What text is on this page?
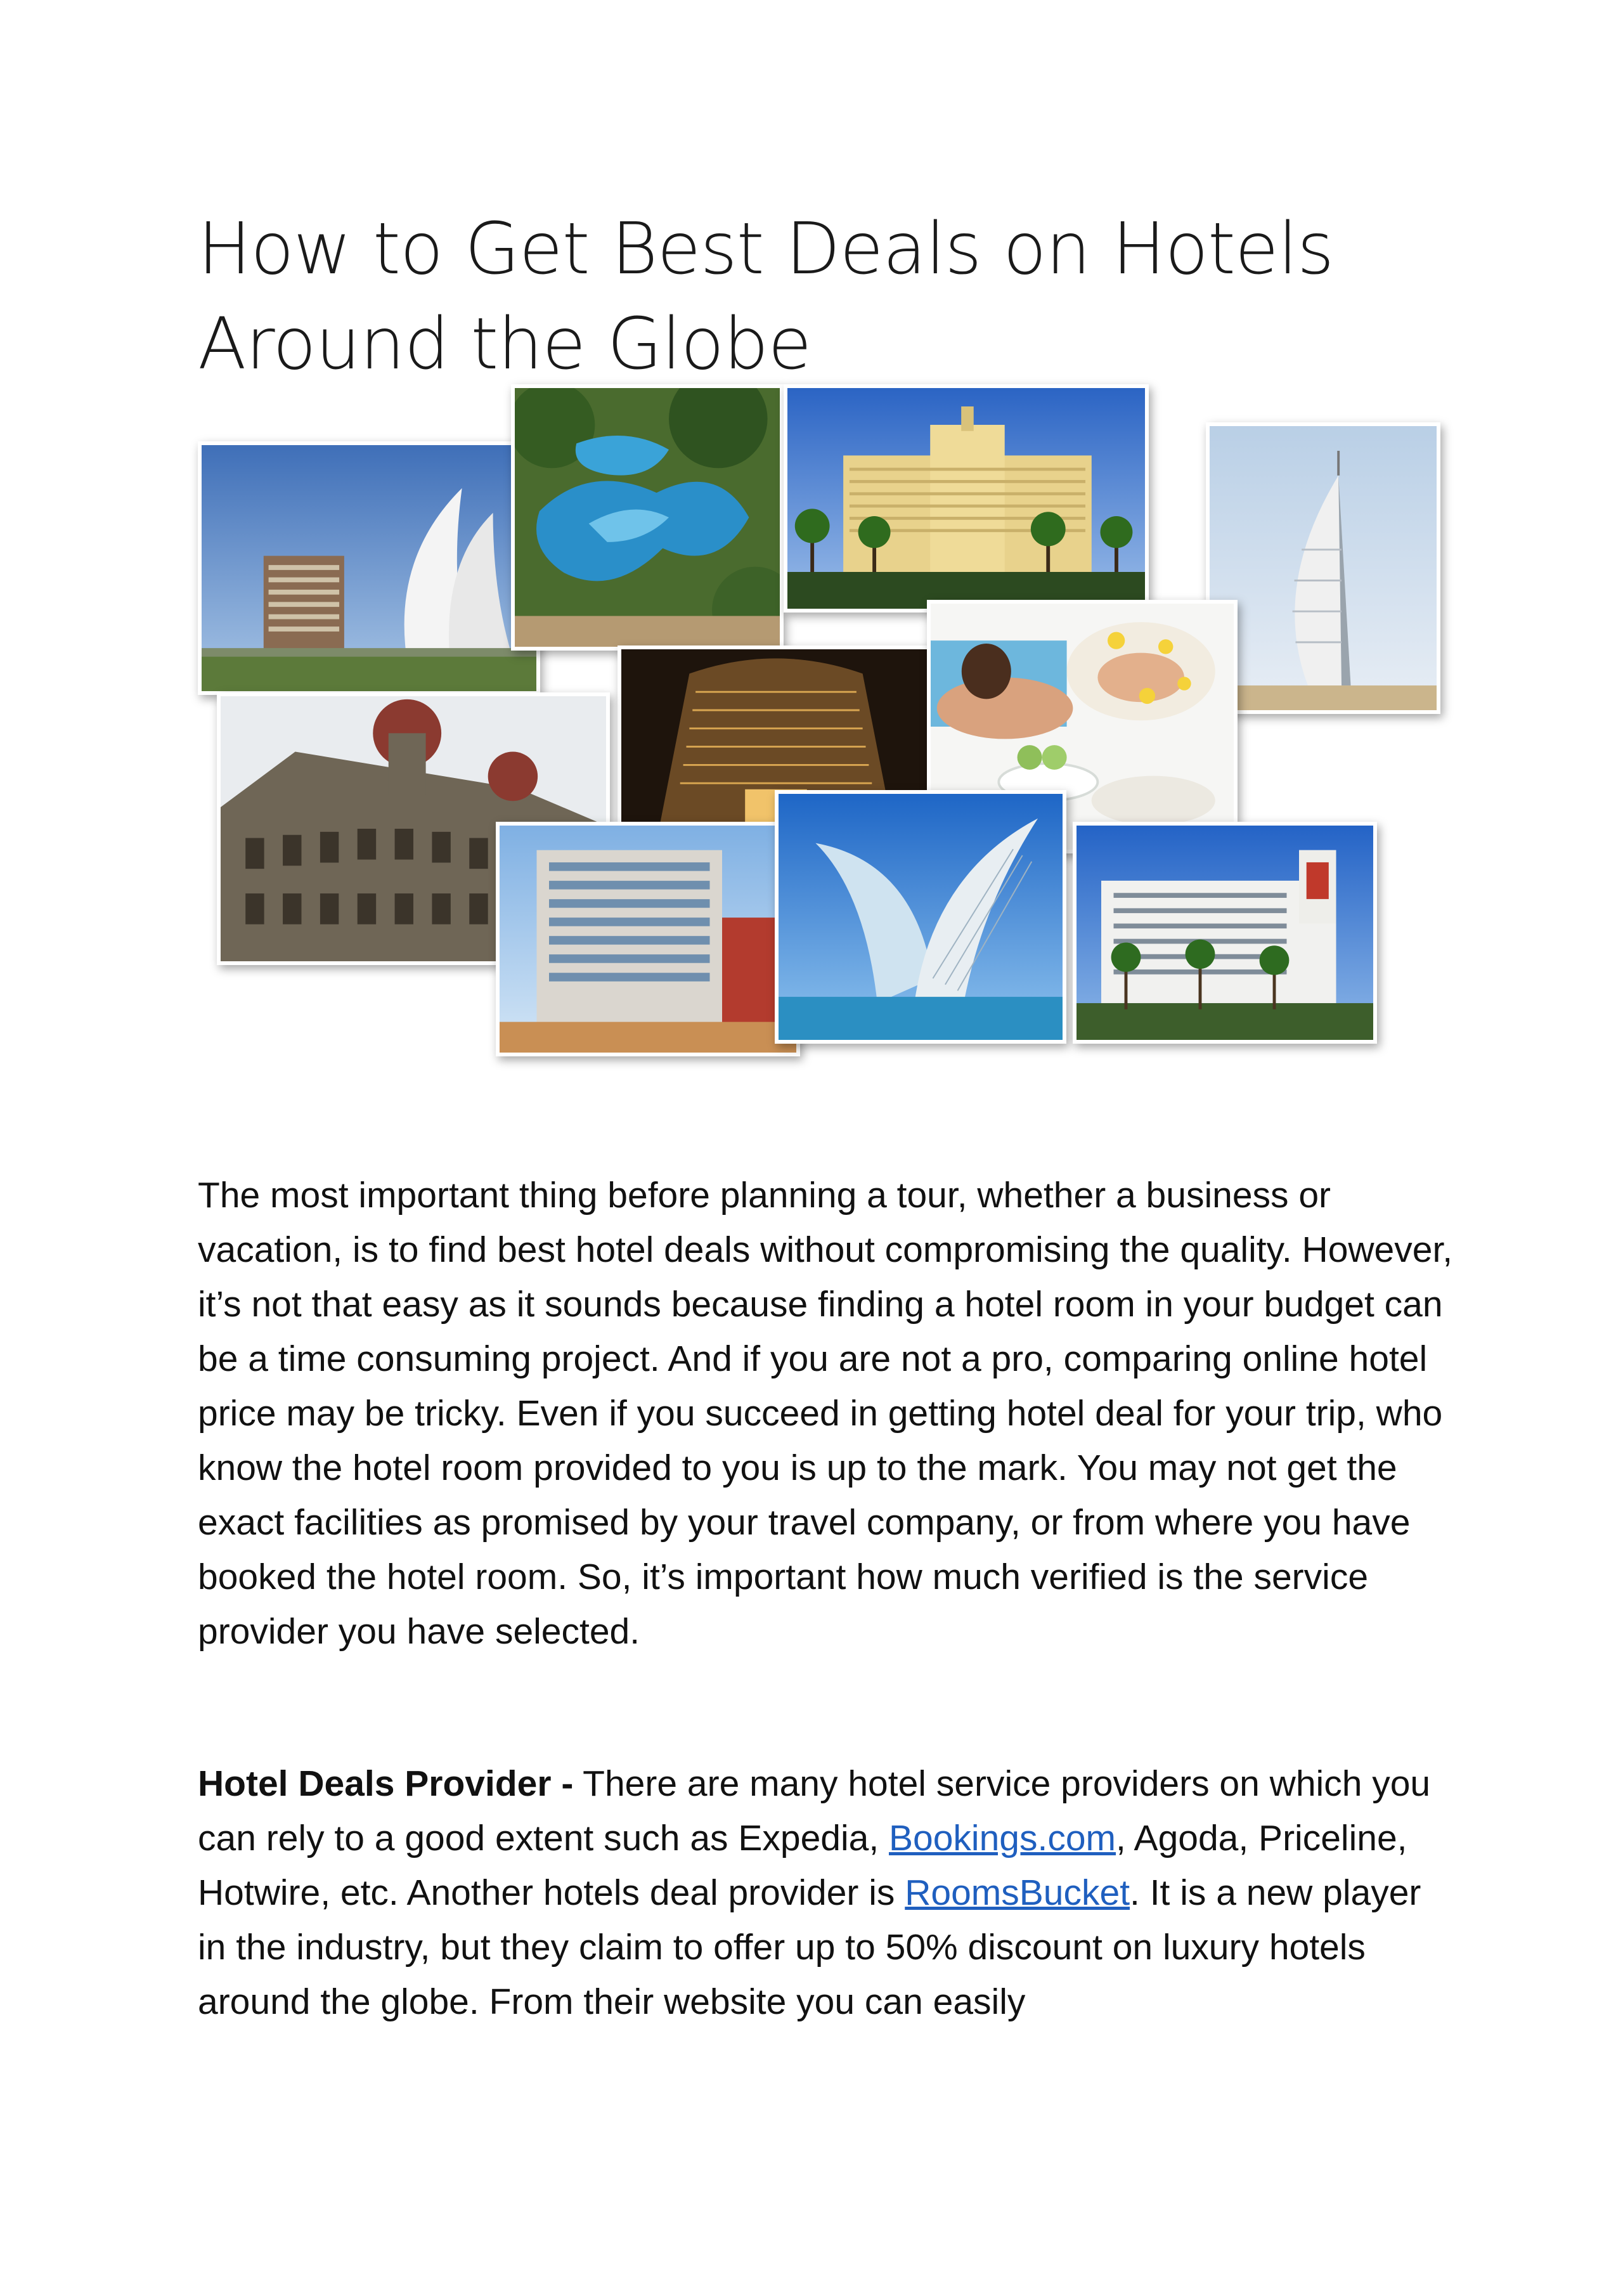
How to Get Best Deals on Hotels Around the Globe

The most important thing before planning a tour, whether a business or vacation, is to find best hotel deals without compromising the quality. However, it’s not that easy as it sounds because finding a hotel room in your budget can be a time consuming project. And if you are not a pro, comparing online hotel price may be tricky. Even if you succeed in getting hotel deal for your trip, who know the hotel room provided to you is up to the mark. You may not get the exact facilities as promised by your travel company, or from where you have booked the hotel room. So, it’s important how much verified is the service provider you have selected.

Hotel Deals Provider - There are many hotel service providers on which you can rely to a good extent such as Expedia, Bookings.com, Agoda, Priceline, Hotwire, etc. Another hotels deal provider is RoomsBucket. It is a new player in the industry, but they claim to offer up to 50% discount on luxury hotels around the globe. From their website you can easily
